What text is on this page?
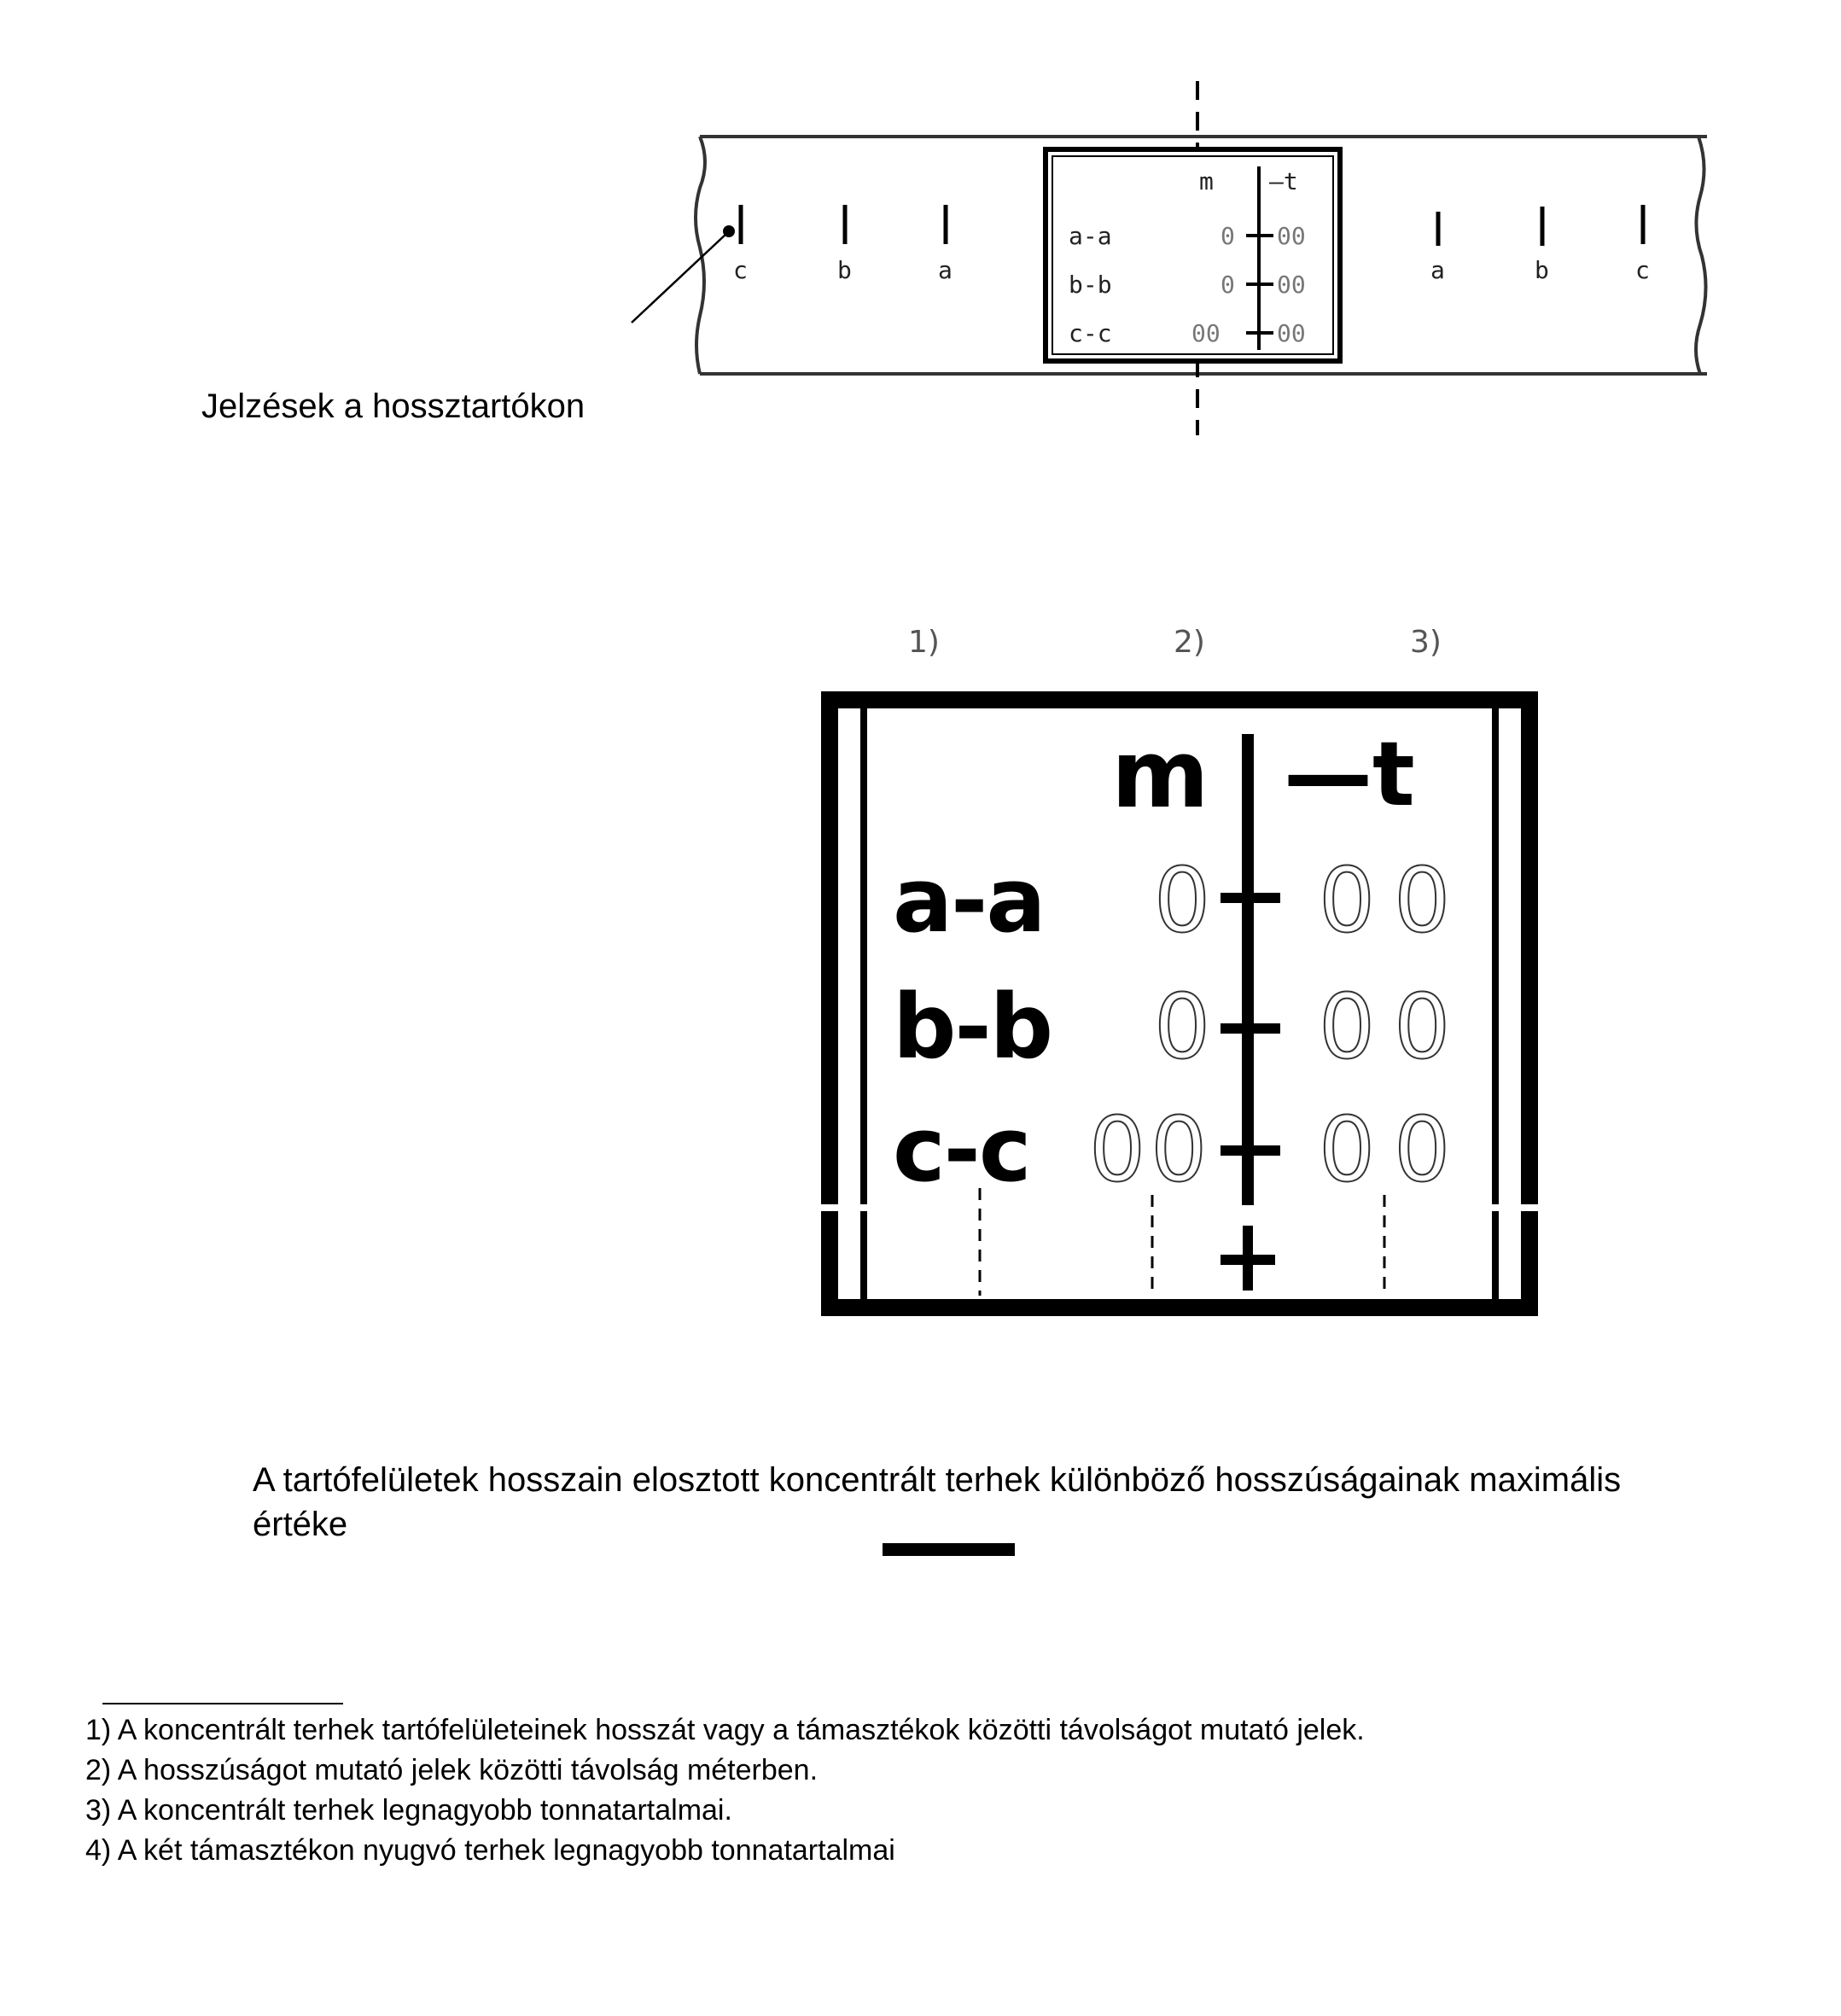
c	b	a	a	b	c
m —t
a-a	0 00
b-b	0 00
c-c	00 00
Jelzések a hossztartókon
1)	2)	3)
m —t
a-a 0 00
b-b 0 00
c-c 00 00
A tartófelületek hosszain elosztott koncentrált terhek különböző hosszúságainak maximális
értéke
1) A koncentrált terhek tartófelületeinek hosszát vagy a támasztékok közötti távolságot mutató jelek.
2) A hosszúságot mutató jelek közötti távolság méterben.
3) A koncentrált terhek legnagyobb tonnatartalmai.
4) A két támasztékon nyugvó terhek legnagyobb tonnatartalmai
